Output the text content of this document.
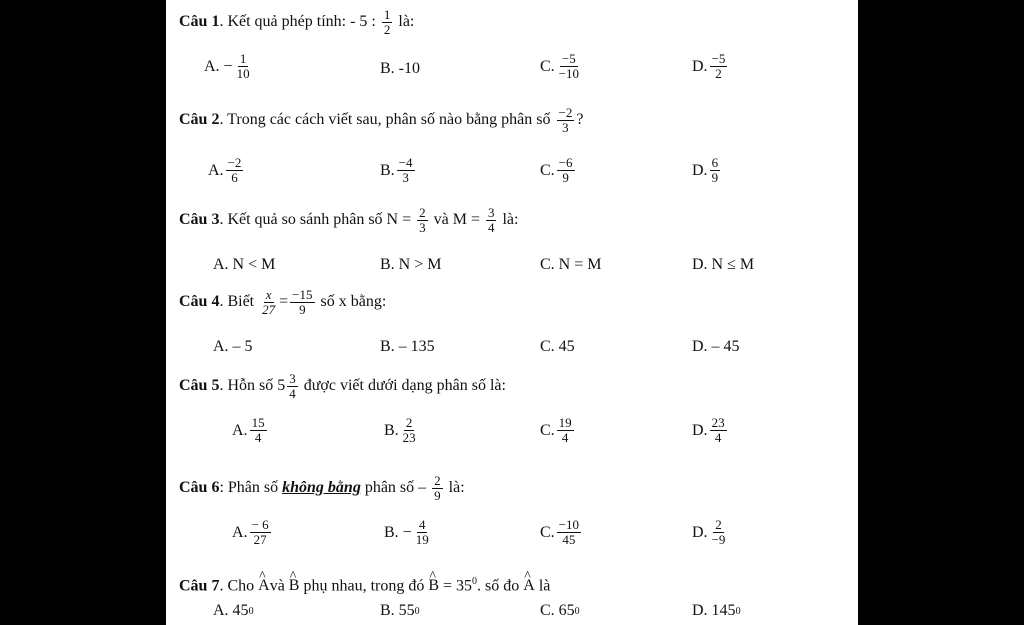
Câu 1. Kết quả phép tính: - 5 : $\frac{1}{2}$ là:
A. − $\frac{1}{10}$	B. -10	C. $\frac{-5}{-10}$	D. $\frac{-5}{2}$
Câu 2. Trong các cách viết sau, phân số nào bằng phân số $\frac{-2}{3}$ ?
A. $\frac{-2}{6}$	B. $\frac{-4}{3}$	C. $\frac{-6}{9}$	D. $\frac{6}{9}$
Câu 3. Kết quả so sánh phân số $N = \frac{2}{3}$ và $M = \frac{3}{4}$ là:
A. N < M	B. N > M	C. N = M	D. N ≤ M
Câu 4. Biết $\frac{x}{27} = \frac{-15}{9}$ số x bằng:
A. – 5	B. – 135	C. 45	D. – 45
Câu 5. Hỗn số $5 \frac{3}{4}$ được viết dưới dạng phân số là:
A. $\frac{15}{4}$	B. $\frac{2}{23}$	C. $\frac{19}{4}$	D. $\frac{23}{4}$
Câu 6: Phân số không bằng phân số – $\frac{2}{9}$ là:
A. $\frac{- 6}{27}$	B. − $\frac{4}{19}$	C. $\frac{-10}{45}$	D. $\frac{2}{-9}$
Câu 7. Cho ^ Avà ^ B phụ nhau, trong đó ^ $B = 35^0$. số đo ^ A là
A. 45 0	B. 55 0	C. 65 0	D. 145 0
